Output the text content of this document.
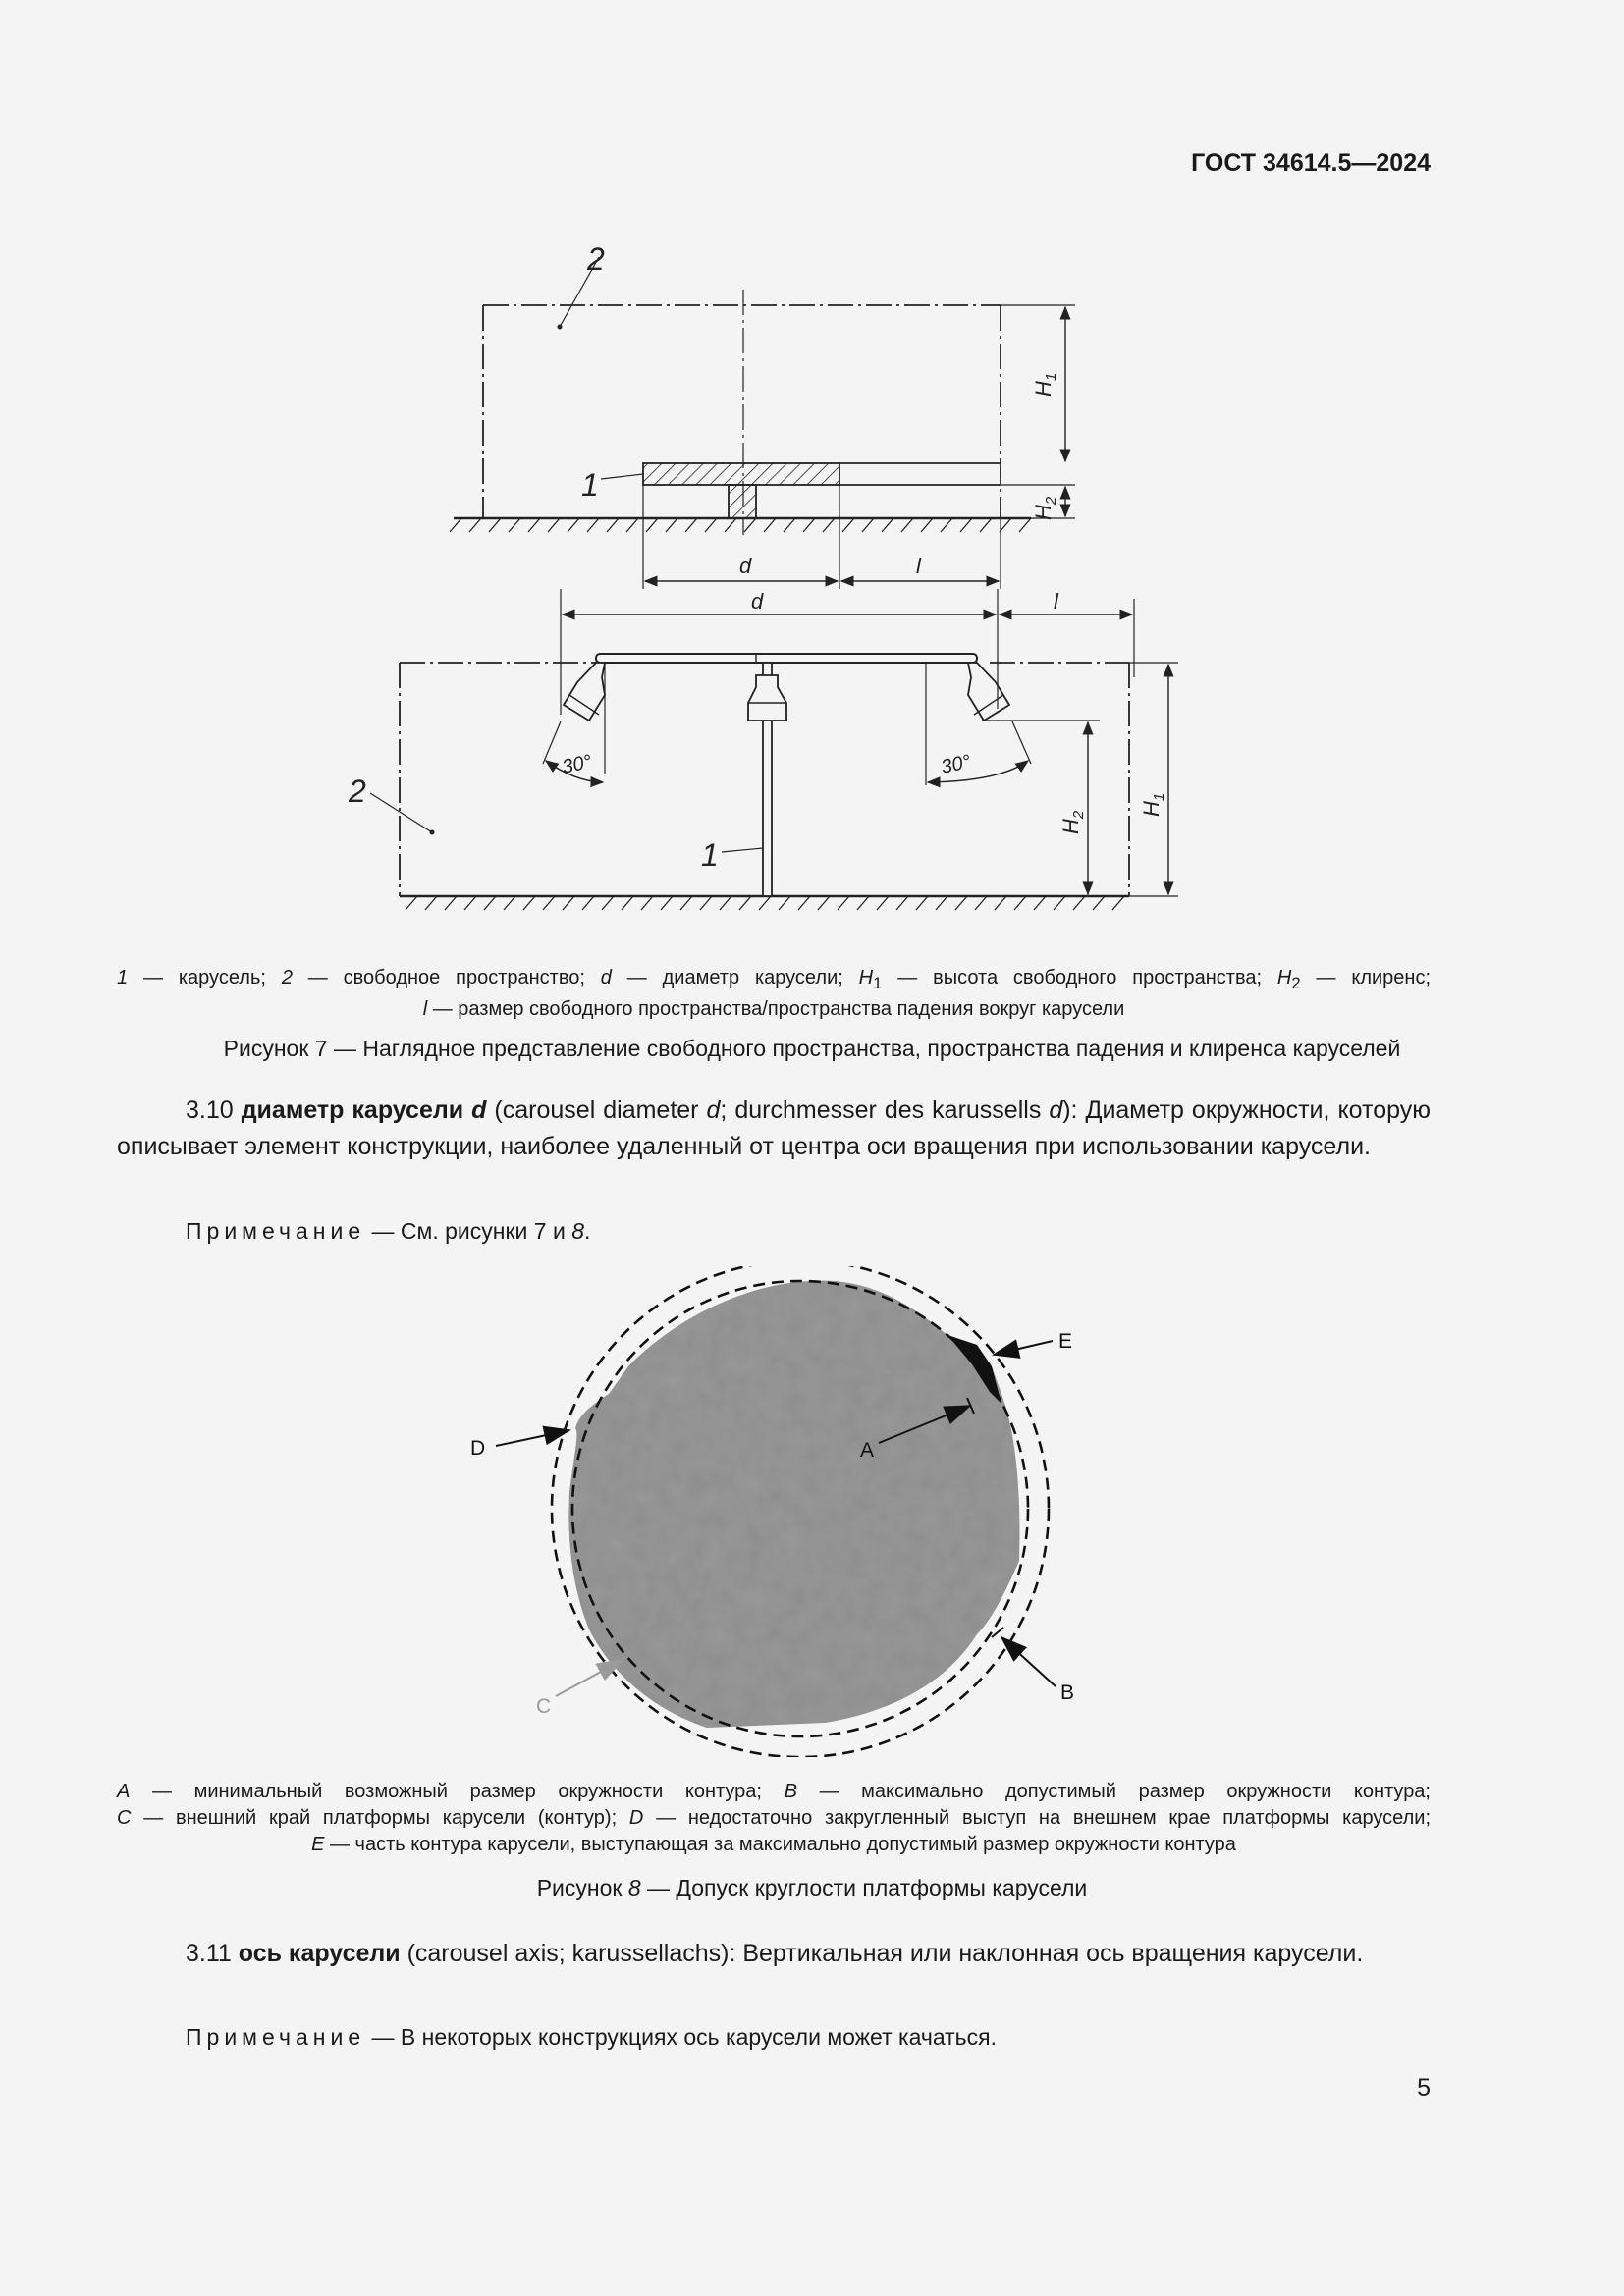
ГОСТ 34614.5—2024
2
1
d	l
$H_1$
$H_2$
d	l
30°	30°
2
1
$H_2$ $H_1$
1 — карусель; 2 — свободное пространство; d — диаметр карусели; $H_1$ — высота свободного пространства; $H_2$ — клиренс;
l — размер свободного пространства/пространства падения вокруг карусели
Рисунок 7 — Наглядное представление свободного пространства, пространства падения и клиренса каруселей
3.10 диаметр карусели d (carousel diameter d; durchmesser des karussells d): Диаметр окружности, которую описывает элемент конструкции, наиболее удаленный от центра оси вращения при использовании карусели.
Примечание — См. рисунки 7 и 8.
E
D	A
B
C
A — минимальный возможный размер окружности контура; B — максимально допустимый размер окружности контура;
C — внешний край платформы карусели (контур); D — недостаточно закругленный выступ на внешнем крае платформы карусели;
E — часть контура карусели, выступающая за максимально допустимый размер окружности контура
Рисунок 8 — Допуск круглости платформы карусели
3.11 ось карусели (carousel axis; karussellachs): Вертикальная или наклонная ось вращения карусели.
Примечание — В некоторых конструкциях ось карусели может качаться.
5
